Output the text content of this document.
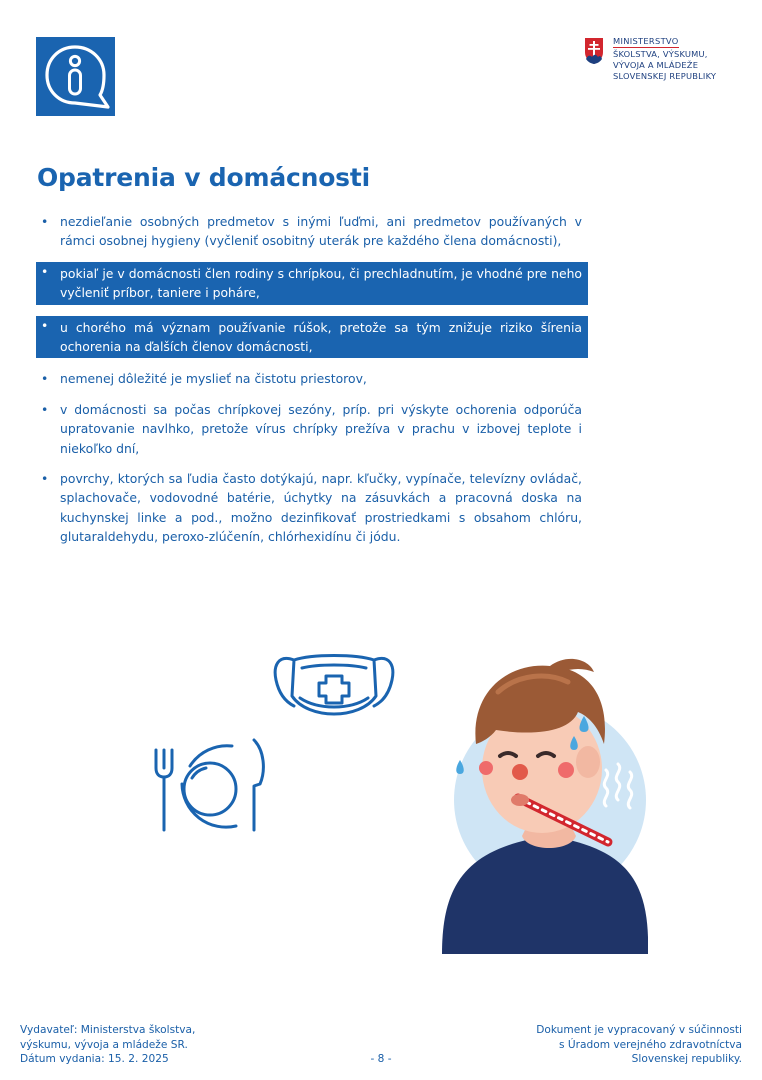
MINISTERSTVO
ŠKOLSTVA, VÝSKUMU,
VÝVOJA A MLÁDEŽE
SLOVENSKEJ REPUBLIKY
Opatrenia v domácnosti
• nezdieľanie osobných predmetov s inými ľuďmi, ani predmetov používaných v rámci osobnej hygieny (vyčleniť osobitný uterák pre každého člena domácnosti),
• pokiaľ je v domácnosti člen rodiny s chrípkou, či prechladnutím, je vhodné pre neho vyčleniť príbor, taniere i poháre,
• u chorého má význam používanie rúšok, pretože sa tým znižuje riziko šírenia ochorenia na ďalších členov domácnosti,
• nemenej dôležité je myslieť na čistotu priestorov,
• v domácnosti sa počas chrípkovej sezóny, príp. pri výskyte ochorenia odporúča upratovanie navlhko, pretože vírus chrípky prežíva v prachu v izbovej teplote i niekoľko dní,
• povrchy, ktorých sa ľudia často dotýkajú, napr. kľučky, vypínače, televízny ovládač, splachovače, vodovodné batérie, úchytky na zásuvkách a pracovná doska na kuchynskej linke a pod., možno dezinfikovať prostriedkami s obsahom chlóru, glutaraldehydu, peroxo-zlúčenín, chlórhexidínu či jódu.
Vydavateľ: Ministerstva školstva,
výskumu, vývoja a mládeže SR.
Dátum vydania: 15. 2. 2025	- 8 -
Dokument je vypracovaný v súčinnosti
s Úradom verejného zdravotníctva
Slovenskej republiky.
